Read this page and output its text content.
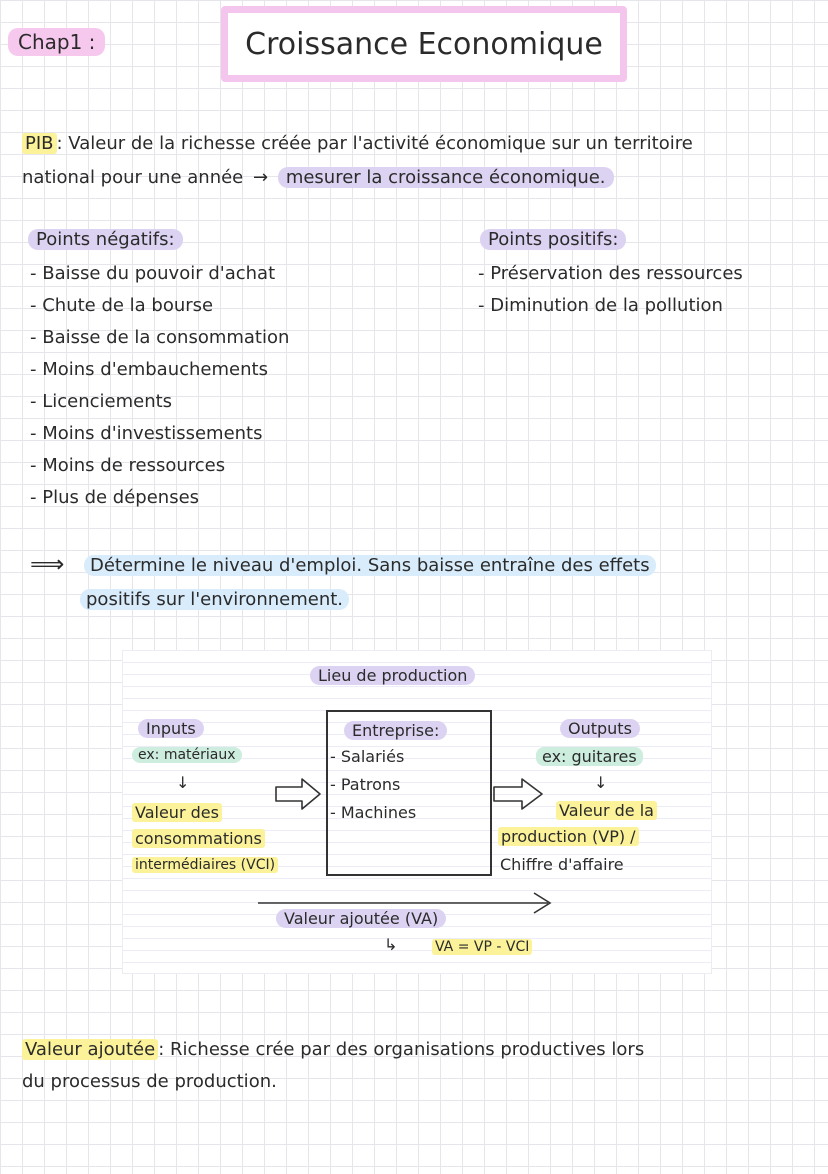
Chap1 :	Croissance Economique
PIB : Valeur de la richesse créée par l'activité économique sur un territoire
national pour une année → mesurer la croissance économique.
Points négatifs:
- Baisse du pouvoir d'achat
- Chute de la bourse
- Baisse de la consommation
- Moins d'embauchements
- Licenciements
- Moins d'investissements
- Moins de ressources
- Plus de dépenses
Points positifs:
- Préservation des ressources
- Diminution de la pollution
⟹	Détermine le niveau d'emploi. Sans baisse entraîne des effets
positifs sur l'environnement.
Lieu de production
Inputs
ex: matériaux
↓
Valeur des
consommations
intermédiaires (VCI)
Entreprise:
- Salariés
- Patrons
- Machines
Outputs
ex: guitares
↓
Valeur de la
production (VP) /
Chiffre d'affaire
Valeur ajoutée (VA)
↳	VA = VP - VCI
Valeur ajoutée : Richesse crée par des organisations productives lors
du processus de production.
